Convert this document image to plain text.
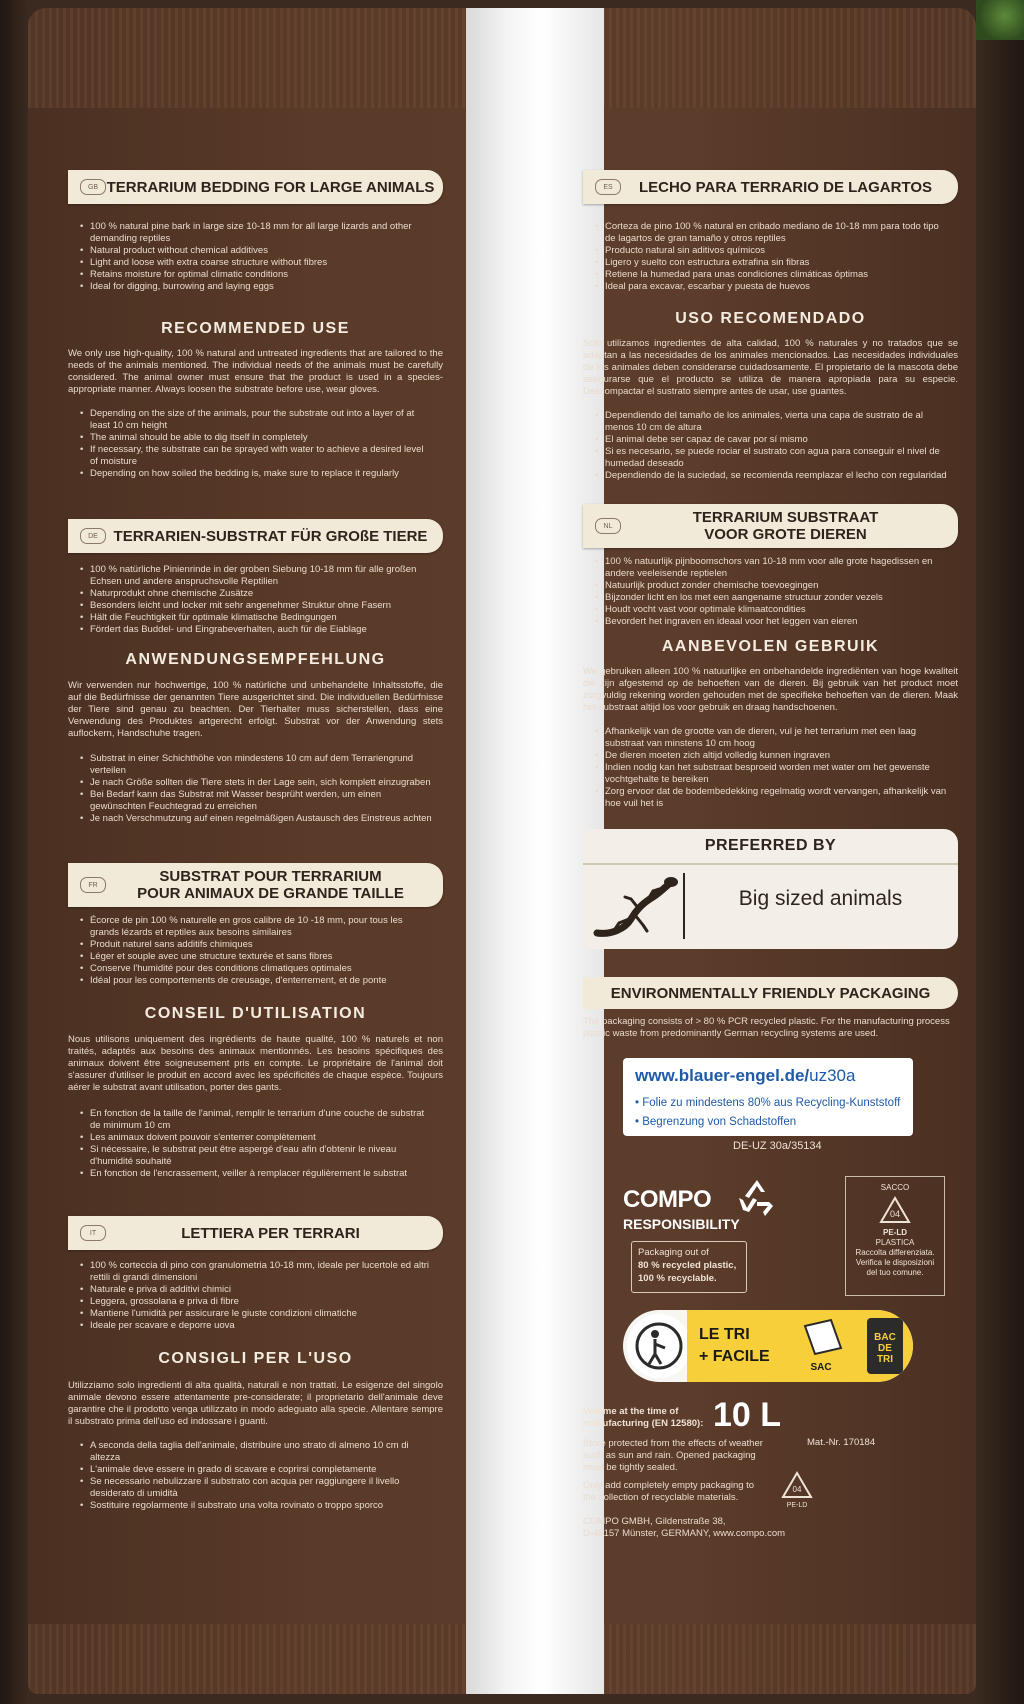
GB TERRARIUM BEDDING FOR LARGE ANIMALS
• 100 % natural pine bark in large size 10-18 mm for all large lizards and other demanding reptiles
• Natural product without chemical additives
• Light and loose with extra coarse structure without fibres
• Retains moisture for optimal climatic conditions
• Ideal for digging, burrowing and laying eggs
RECOMMENDED USE

We only use high-quality, 100 % natural and untreated ingredients that are tailored to the needs of the animals mentioned. The individual needs of the animals must be carefully considered. The animal owner must ensure that the product is used in a species-appropriate manner. Always loosen the substrate before use, wear gloves.

• Depending on the size of the animals, pour the substrate out into a layer of at least 10 cm height
• The animal should be able to dig itself in completely
• If necessary, the substrate can be sprayed with water to achieve a desired level of moisture
• Depending on how soiled the bedding is, make sure to replace it regularly
DE	TERRARIEN-SUBSTRAT FÜR GROßE TIERE
• 100 % natürliche Pinienrinde in der groben Siebung 10-18 mm für alle großen Echsen und andere anspruchsvolle Reptilien
• Naturprodukt ohne chemische Zusätze
• Besonders leicht und locker mit sehr angenehmer Struktur ohne Fasern
• Hält die Feuchtigkeit für optimale klimatische Bedingungen
• Fördert das Buddel- und Eingrabeverhalten, auch für die Eiablage
ANWENDUNGSEMPFEHLUNG

Wir verwenden nur hochwertige, 100 % natürliche und unbehandelte Inhaltsstoffe, die auf die Bedürfnisse der genannten Tiere ausgerichtet sind. Die individuellen Bedürfnisse der Tiere sind genau zu beachten. Der Tierhalter muss sicherstellen, dass eine Verwendung des Produktes artgerecht erfolgt. Substrat vor der Anwendung stets auflockern, Handschuhe tragen.

• Substrat in einer Schichthöhe von mindestens 10 cm auf dem Terrariengrund verteilen
• Je nach Größe sollten die Tiere stets in der Lage sein, sich komplett einzugraben
• Bei Bedarf kann das Substrat mit Wasser besprüht werden, um einen gewünschten Feuchtegrad zu erreichen
• Je nach Verschmutzung auf einen regelmäßigen Austausch des Einstreus achten
FR	SUBSTRAT POUR TERRARIUM
POUR ANIMAUX DE GRANDE TAILLE
• Écorce de pin 100 % naturelle en gros calibre de 10 -18 mm, pour tous les grands lézards et reptiles aux besoins similaires
• Produit naturel sans additifs chimiques
• Léger et souple avec une structure texturée et sans fibres
• Conserve l'humidité pour des conditions climatiques optimales
• Idéal pour les comportements de creusage, d'enterrement, et de ponte
CONSEIL D'UTILISATION

Nous utilisons uniquement des ingrédients de haute qualité, 100 % naturels et non traités, adaptés aux besoins des animaux mentionnés. Les besoins spécifiques des animaux doivent être soigneusement pris en compte. Le propriétaire de l'animal doit s'assurer d'utiliser le produit en accord avec les spécificités de chaque espèce. Toujours aérer le substrat avant utilisation, porter des gants.

• En fonction de la taille de l'animal, remplir le terrarium d'une couche de substrat de minimum 10 cm
• Les animaux doivent pouvoir s'enterrer complètement
• Si nécessaire, le substrat peut être aspergé d'eau afin d'obtenir le niveau d'humidité souhaité
• En fonction de l'encrassement, veiller à remplacer régulièrement le substrat
IT	LETTIERA PER TERRARI
• 100 % corteccia di pino con granulometria 10-18 mm, ideale per lucertole ed altri rettili di grandi dimensioni
• Naturale e priva di additivi chimici
• Leggera, grossolana e priva di fibre
• Mantiene l'umidità per assicurare le giuste condizioni climatiche
• Ideale per scavare e deporre uova
CONSIGLI PER L'USO

Utilizziamo solo ingredienti di alta qualità, naturali e non trattati. Le esigenze del singolo animale devono essere attentamente pre-considerate; il proprietario dell'animale deve garantire che il prodotto venga utilizzato in modo adeguato alla specie. Allentare sempre il substrato prima dell'uso ed indossare i guanti.

• A seconda della taglia dell'animale, distribuire uno strato di almeno 10 cm di altezza
• L'animale deve essere in grado di scavare e coprirsi completamente
• Se necessario nebulizzare il substrato con acqua per raggiungere il livello desiderato di umidità
• Sostituire regolarmente il substrato una volta rovinato o troppo sporco
ES	LECHO PARA TERRARIO DE LAGARTOS
• Corteza de pino 100 % natural en cribado mediano de 10-18 mm para todo tipo de lagartos de gran tamaño y otros reptiles
• Producto natural sin aditivos químicos
• Ligero y suelto con estructura extrafina sin fibras
• Retiene la humedad para unas condiciones climáticas óptimas
• Ideal para excavar, escarbar y puesta de huevos
USO RECOMENDADO

Sólo utilizamos ingredientes de alta calidad, 100 % naturales y no tratados que se adaptan a las necesidades de los animales mencionados. Las necesidades individuales de los animales deben considerarse cuidadosamente. El propietario de la mascota debe asegurarse que el producto se utiliza de manera apropiada para su especie. Descompactar el sustrato siempre antes de usar, use guantes.

• Dependiendo del tamaño de los animales, vierta una capa de sustrato de al menos 10 cm de altura
• El animal debe ser capaz de cavar por sí mismo
• Si es necesario, se puede rociar el sustrato con agua para conseguir el nivel de humedad deseado
• Dependiendo de la suciedad, se recomienda reemplazar el lecho con regularidad
NL	TERRARIUM SUBSTRAAT
VOOR GROTE DIEREN
• 100 % natuurlijk pijnboomschors van 10-18 mm voor alle grote hagedissen en andere veeleisende reptielen
• Natuurlijk product zonder chemische toevoegingen
• Bijzonder licht en los met een aangename structuur zonder vezels
• Houdt vocht vast voor optimale klimaatcondities
• Bevordert het ingraven en ideaal voor het leggen van eieren
AANBEVOLEN GEBRUIK

We gebruiken alleen 100 % natuurlijke en onbehandelde ingrediënten van hoge kwaliteit die zijn afgestemd op de behoeften van de dieren. Bij gebruik van het product moet zorgvuldig rekening worden gehouden met de specifieke behoeften van de dieren. Maak het substraat altijd los voor gebruik en draag handschoenen.

• Afhankelijk van de grootte van de dieren, vul je het terrarium met een laag substraat van minstens 10 cm hoog
• De dieren moeten zich altijd volledig kunnen ingraven
• Indien nodig kan het substraat besproeid worden met water om het gewenste vochtgehalte te bereiken
• Zorg ervoor dat de bodembedekking regelmatig wordt vervangen, afhankelijk van hoe vuil het is
PREFERRED BY
Big sized animals
ENVIRONMENTALLY FRIENDLY PACKAGING
The packaging consists of > 80 % PCR recycled plastic. For the manufacturing process plastic waste from predominantly German recycling systems are used.
www.blauer-engel.de/uz30a
• Folie zu mindestens 80% aus Recycling-Kunststoff
• Begrenzung von Schadstoffen
DE-UZ 30a/35134
COMPO
RESPONSIBILITY
Packaging out of
80 % recycled plastic,
100 % recyclable.
SACCO
04
PE-LD
PLASTICA
Raccolta differenziata.
Verifica le disposizioni
del tuo comune.
LE TRI
+ FACILE
SAC
BAC
DE
TRI
Volume at the time of
manufacturing (EN 12580): 10 L
Mat.-Nr. 170184
Store protected from the effects of weather such as sun and rain. Opened packaging must be tightly sealed.
Only add completely empty packaging to the collection of recyclable materials.
COMPO GMBH, Gildenstraße 38,
D-48157 Münster, GERMANY, www.compo.com
04
PE-LD
